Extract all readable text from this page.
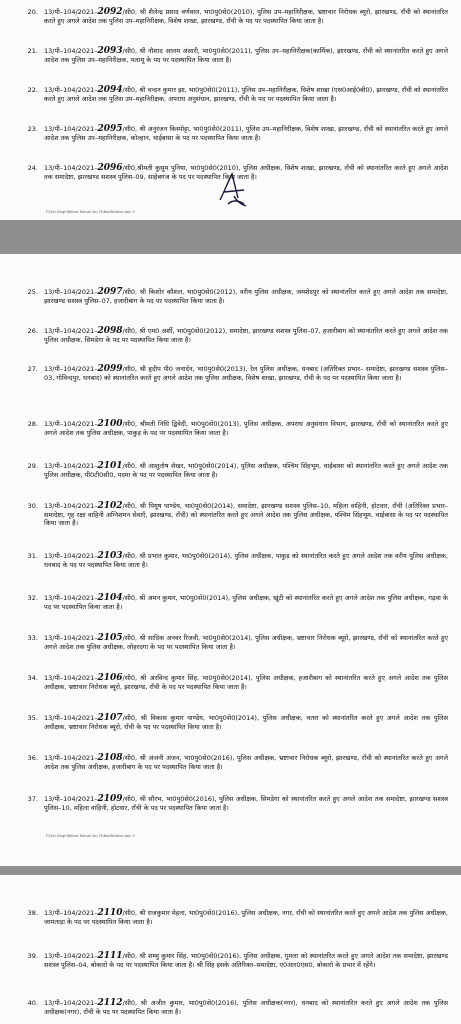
20. 13/पी–104/2021–2092/सी0, श्री शैलेन्द्र प्रसाद वर्णवाल, भा0पु0से0(2010), पुलिस उप–महानिरीक्षक, भ्रष्टाचार निरोधक ब्यूरो, झारखण्ड, राँची को स्थानांतरित करते हुए अगले आदेश तक पुलिस उप–महानिरीक्षक, विशेष शाखा, झारखण्ड, राँची के पद पर पदस्थापित किया जाता है।
21. 13/पी–104/2021–2093/सी0, श्री नौशाद आलम अंसारी, भा0पु0से0(2011), पुलिस उप–महानिरीक्षक(कार्मिक), झारखण्ड, राँची को स्थानांतरित करते हुए अगले आदेश तक पुलिस उप–महानिरीक्षक, पलामू के पद पर पदस्थापित किया जाता है।
22. 13/पी–104/2021–2094/सी0, श्री चन्दन कुमार झा, भा0पु0से0(2011), पुलिस उप–महानिरीक्षक, विशेष शाखा (एस0आई0बी0), झारखण्ड, राँची को स्थानांतरित करते हुए अगले आदेश तक पुलिस उप–महानिरीक्षक, अपराध अनुसंधान, झारखण्ड, राँची के पद पर पदस्थापित किया जाता है।
23. 13/पी–104/2021–2095/सी0, श्री अनुरंजन किस्पोट्टा, भा0पु0से0(2011), पुलिस उप–महानिरीक्षक, विशेष शाखा, झारखण्ड, राँची को स्थानांतरित करते हुए अगले आदेश तक पुलिस उप–महानिरीक्षक, कोल्हान, चाईबासा के पद पर पदस्थापित किया जाता है।
24. 13/पी–104/2021–2096/सी0,श्रीमती कुसुम पुनिया, भा0पु0से0(2010), पुलिस अधीक्षक, विशेष शाखा, झारखण्ड, राँची को स्थानांतरित करते हुए अगले आदेश तक समादेष्टा, झारखण्ड सशस्त्र पुलिस–09, साहेबगंज के पद पर पदस्थापित किया जाता है।
F:\Zel Singh\Ritesh Kumar So-13\Notification-doc 3
25. 13/पी–104/2021–2097/सी0, श्री किशोर कौशल, भा0पु0से0(2012), वरीय पुलिस अधीक्षक, जमशेदपुर को स्थानांतरित करते हुए अगले आदेश तक समादेष्टा, झारखण्ड सशस्त्र पुलिस–07, हजारीबाग के पद पर पदस्थापित किया जाता है।
26. 13/पी–104/2021–2098/सी0, श्री एम0 अर्शी, भा0पु0से0(2012), समादेष्टा, झारखण्ड सशस्त्र पुलिस–07, हजारीबाग को स्थानांतरित करते हुए अगले आदेश तक पुलिस अधीक्षक, सिमडेगा के पद पर पदस्थापित किया जाता है।
27. 13/पी–104/2021–2099/सी0, श्री हृदीप पी0 जनार्दन, भा0पु0से0(2013), रेल पुलिस अधीक्षक, धनबाद (अतिरिक्त प्रभार– समादेष्टा, झारखण्ड सशस्त्र पुलिस–03, गोविन्दपुर, धनबाद) को स्थानांतरित करते हुए अगले आदेश तक पुलिस अधीक्षक, विशेष शाखा, झारखण्ड, राँची के पद पर पदस्थापित किया जाता है।
28. 13/पी–104/2021–2100/सी0, श्रीमती निधि द्विवेदी, भा0पु0से0(2013), पुलिस अधीक्षक, अपराध अनुसंधान विभाग, झारखण्ड, राँची को स्थानांतरित करते हुए अगले आदेश तक पुलिस अधीक्षक, पाकुड़ के पद पर पदस्थापित किया जाता है।
29. 13/पी–104/2021–2101/सी0, श्री आशुतोष शेखर, भा0पु0से0(2014), पुलिस अधीक्षक, पश्चिम सिंहभूम, चाईबासा को स्थानांतरित करते हुए अगले आदेश तक पुलिस अधीक्षक, पी0टी0सी0, पदमा के पद पर पदस्थापित किया जाता है।
30. 13/पी–104/2021–2102/सी0, श्री पियूष पाण्डेय, भा0पु0से0(2014), समादेष्टा, झारखण्ड सशस्त्र पुलिस–10, महिला वाहिनी, होटवार, राँची (अतिरिक्त प्रभार– समादेष्टा, गृह रक्षा वाहिनी अग्निशमन सेवाएँ, झारखण्ड, राँची) को स्थानांतरित करते हुए अगले आदेश तक पुलिस अधीक्षक, पश्चिम सिंहभूम, चाईबासा के पद पर पदस्थापित किया जाता है।
31. 13/पी–104/2021–2103/सी0, श्री प्रभात कुमार, भा0पु0से0(2014), पुलिस अधीक्षक, पाकुड़ को स्थानांतरित करते हुए अगले आदेश तक वरीय पुलिस अधीक्षक, धनबाद के पद पर पदस्थापित किया जाता है।
32. 13/पी–104/2021–2104/सी0, श्री अमन कुमार, भा0पु0से0(2014), पुलिस अधीक्षक, खूंटी को स्थानांतरित करते हुए अगले आदेश तक पुलिस अधीक्षक, गढ़वा के पद पर पदस्थापित किया जाता है।
33. 13/पी–104/2021–2105/सी0, श्री सादिक अनवर रिजवी, भा0पु0से0(2014), पुलिस अधीक्षक, भ्रष्टाचार निरोधक ब्यूरो, झारखण्ड, राँची को स्थानांतरित करते हुए अगले आदेश तक पुलिस अधीक्षक, लोहरदगा के पद पर पदस्थापित किया जाता है।
34. 13/पी–104/2021–2106/सी0, श्री अरविन्द कुमार सिंह, भा0पु0से0(2014), पुलिस अधीक्षक, हजारीबाग को स्थानांतरित करते हुए अगले आदेश तक पुलिस अधीक्षक, भ्रष्टाचार निरोधक ब्यूरो, झारखण्ड, राँची के पद पर पदस्थापित किया जाता है।
35. 13/पी–104/2021–2107/सी0, श्री विकास कुमार पाण्डेय, भा0पु0से0(2014), पुलिस अधीक्षक, चतरा को स्थानांतरित करते हुए अगले आदेश तक पुलिस अधीक्षक, भ्रष्टाचार निरोधक ब्यूरो, राँची के पद पर पदस्थापित किया जाता है।
36. 13/पी–104/2021–2108/सी0, श्री अंजनी अंजन, भा0पु0से0(2016), पुलिस अधीक्षक, भ्रष्टाचार निरोधक ब्यूरो, झारखण्ड, राँची को स्थानांतरित करते हुए अगले आदेश तक पुलिस अधीक्षक, हजारीबाग के पद पर पदस्थापित किया जाता है।
37. 13/पी–104/2021–2109/सी0, श्री सौरभ, भा0पु0से0(2016), पुलिस अधीक्षक, सिमडेगा को स्थानांतरित करते हुए अगले आदेश तक समादेष्टा, झारखण्ड सशस्त्र पुलिस–10, महिला वाहिनी, होटवार, राँची के पद पर पदस्थापित किया जाता है।
F:\Zel Singh\Ritesh Kumar So-13\Notification-doc 3
38. 13/पी–104/2021–2110/सी0, श्री राजकुमार मेहता, भा0पु0से0(2016), पुलिस अधीक्षक, नगर, राँची को स्थानांतरित करते हुए अगले आदेश तक पुलिस अधीक्षक, जामताड़ा के पद पर पदस्थापित किया जाता है।
39. 13/पी–104/2021–2111/सी0, श्री शम्भु कुमार सिंह, भा0पु0से0(2016), पुलिस अधीक्षक, गुमला को स्थानांतरित करते हुए अगले आदेश तक समादेष्टा, झारखण्ड सशस्त्र पुलिस–04, बोकारो के पद पर पदस्थापित किया जाता है। श्री सिंह इसके अतिरिक्त–समादेष्टा, ए0आर0एस0, बोकारो के प्रभार में रहेंगे।
40. 13/पी–104/2021–2112/सी0, श्री अजीत कुमार, भा0पु0से0(2016), पुलिस अधीक्षक(नगर), धनबाद को स्थानांतरित करते हुए अगले आदेश तक पुलिस अधीक्षक(नगर), राँची के पद पर पदस्थापित किया जाता है।
